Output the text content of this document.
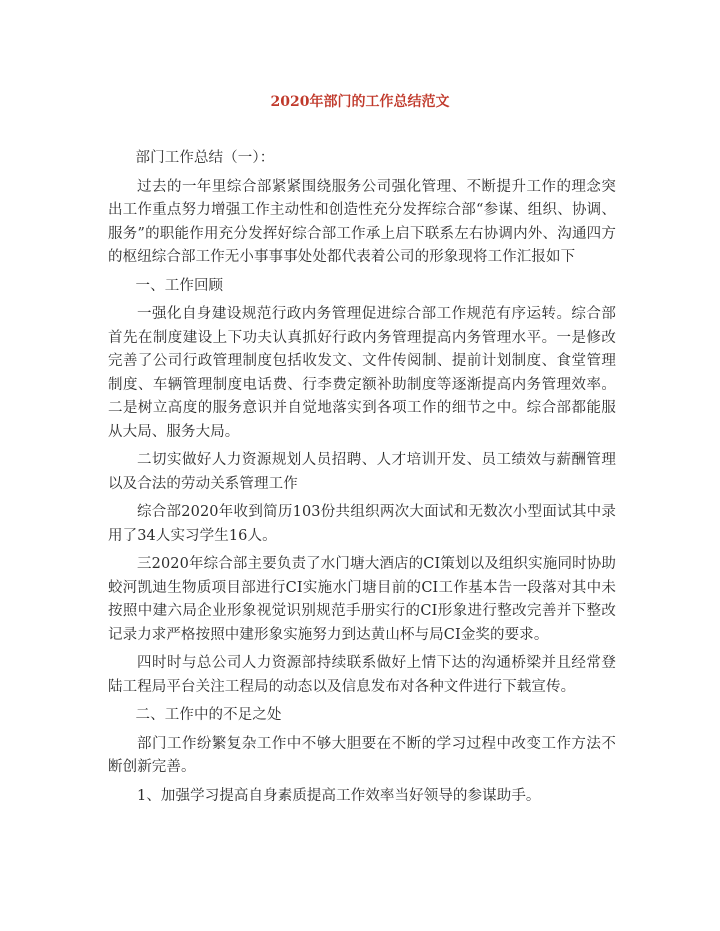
2020年部门的工作总结范文

部门工作总结（一）：

过去的一年里综合部紧紧围绕服务公司强化管理、不断提升工作的理念突出工作重点努力增强工作主动性和创造性充分发挥综合部“参谋、组织、协调、服务”的职能作用充分发挥好综合部工作承上启下联系左右协调内外、沟通四方的枢纽综合部工作无小事事事处处都代表着公司的形象现将工作汇报如下

一、工作回顾

一强化自身建设规范行政内务管理促进综合部工作规范有序运转。综合部首先在制度建设上下功夫认真抓好行政内务管理提高内务管理水平。一是修改完善了公司行政管理制度包括收发文、文件传阅制、提前计划制度、食堂管理制度、车辆管理制度电话费、行李费定额补助制度等逐渐提高内务管理效率。二是树立高度的服务意识并自觉地落实到各项工作的细节之中。综合部都能服从大局、服务大局。

二切实做好人力资源规划人员招聘、人才培训开发、员工绩效与薪酬管理以及合法的劳动关系管理工作

综合部2020年收到简历103份共组织两次大面试和无数次小型面试其中录用了34人实习学生16人。

三2020年综合部主要负责了水门塘大酒店的CI策划以及组织实施同时协助蛟河凯迪生物质项目部进行CI实施水门塘目前的CI工作基本告一段落对其中未按照中建六局企业形象视觉识别规范手册实行的CI形象进行整改完善并下整改记录力求严格按照中建形象实施努力到达黄山杯与局CI金奖的要求。

四时时与总公司人力资源部持续联系做好上情下达的沟通桥梁并且经常登陆工程局平台关注工程局的动态以及信息发布对各种文件进行下载宣传。

二、工作中的不足之处

部门工作纷繁复杂工作中不够大胆要在不断的学习过程中改变工作方法不断创新完善。

1、加强学习提高自身素质提高工作效率当好领导的参谋助手。
